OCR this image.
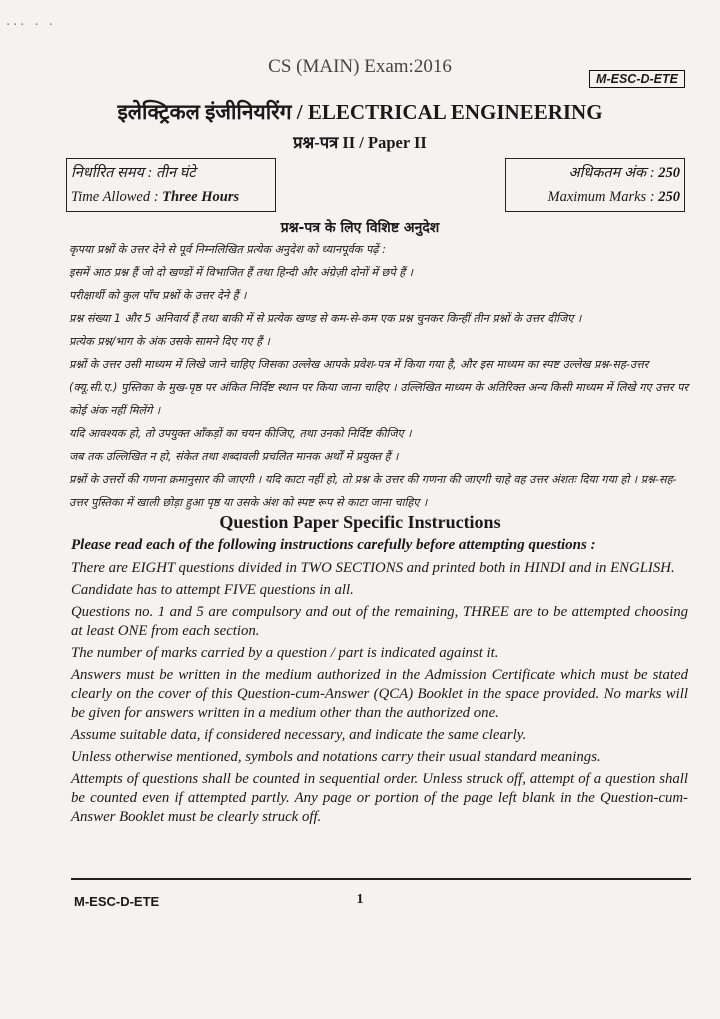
··· · ·
CS (MAIN) Exam:2016
M-ESC-D-ETE
इलेक्ट्रिकल इंजीनियरिंग / ELECTRICAL ENGINEERING
प्रश्न-पत्र II / Paper II
निर्धारित समय : तीन घंटे
Time Allowed : Three Hours
अधिकतम अंक : 250
Maximum Marks : 250
प्रश्न-पत्र के लिए विशिष्ट अनुदेश

कृपया प्रश्नों के उत्तर देने से पूर्व निम्नलिखित प्रत्येक अनुदेश को ध्यानपूर्वक पढ़ें :

इसमें आठ प्रश्न हैं जो दो खण्डों में विभाजित हैं तथा हिन्दी और अंग्रेज़ी दोनों में छपे हैं ।

परीक्षार्थी को कुल पाँच प्रश्नों के उत्तर देने हैं ।

प्रश्न संख्या 1 और 5 अनिवार्य हैं तथा बाकी में से प्रत्येक खण्ड से कम-से-कम एक प्रश्न चुनकर किन्हीं तीन प्रश्नों के उत्तर दीजिए ।

प्रत्येक प्रश्न/भाग के अंक उसके सामने दिए गए हैं ।

प्रश्नों के उत्तर उसी माध्यम में लिखे जाने चाहिए जिसका उल्लेख आपके प्रवेश-पत्र में किया गया है, और इस माध्यम का स्पष्ट उल्लेख प्रश्न-सह-उत्तर (क्यू.सी.ए.) पुस्तिका के मुख-पृष्ठ पर अंकित निर्दिष्ट स्थान पर किया जाना चाहिए । उल्लिखित माध्यम के अतिरिक्त अन्य किसी माध्यम में लिखे गए उत्तर पर कोई अंक नहीं मिलेंगे ।

यदि आवश्यक हो, तो उपयुक्त आँकड़ों का चयन कीजिए, तथा उनको निर्दिष्ट कीजिए ।

जब तक उल्लिखित न हो, संकेत तथा शब्दावली प्रचलित मानक अर्थों में प्रयुक्त हैं ।

प्रश्नों के उत्तरों की गणना क्रमानुसार की जाएगी । यदि काटा नहीं हो, तो प्रश्न के उत्तर की गणना की जाएगी चाहे वह उत्तर अंशतः दिया गया हो । प्रश्न-सह-उत्तर पुस्तिका में खाली छोड़ा हुआ पृष्ठ या उसके अंश को स्पष्ट रूप से काटा जाना चाहिए ।

Question Paper Specific Instructions

Please read each of the following instructions carefully before attempting questions :

There are EIGHT questions divided in TWO SECTIONS and printed both in HINDI and in ENGLISH.

Candidate has to attempt FIVE questions in all.

Questions no. 1 and 5 are compulsory and out of the remaining, THREE are to be attempted choosing at least ONE from each section.

The number of marks carried by a question / part is indicated against it.

Answers must be written in the medium authorized in the Admission Certificate which must be stated clearly on the cover of this Question-cum-Answer (QCA) Booklet in the space provided. No marks will be given for answers written in a medium other than the authorized one.

Assume suitable data, if considered necessary, and indicate the same clearly.

Unless otherwise mentioned, symbols and notations carry their usual standard meanings.

Attempts of questions shall be counted in sequential order. Unless struck off, attempt of a question shall be counted even if attempted partly. Any page or portion of the page left blank in the Question-cum-Answer Booklet must be clearly struck off.

M-ESC-D-ETE	1
